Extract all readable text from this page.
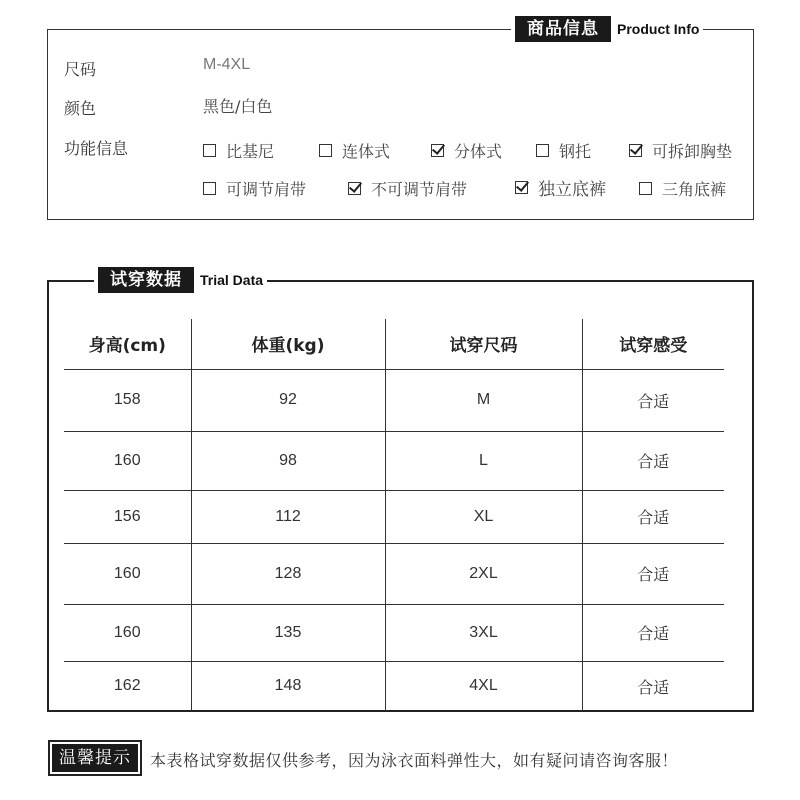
商品信息	Product Info
尺码	M-4XL
颜色	黑色/白色
功能信息	比基尼	连体式	分体式	钢托	可拆卸胸垫
可调节肩带	不可调节肩带	独立底裤	三角底裤
试穿数据	Trial Data
身高(cm)	体重(kg)	试穿尺码	试穿感受
158	92	M	合适
160	98	L	合适
156	112	XL	合适
160	128	2XL	合适
160	135	3XL	合适
162	148	4XL	合适
温馨提示	本表格试穿数据仅供参考，因为泳衣面料弹性大，如有疑问请咨询客服！
